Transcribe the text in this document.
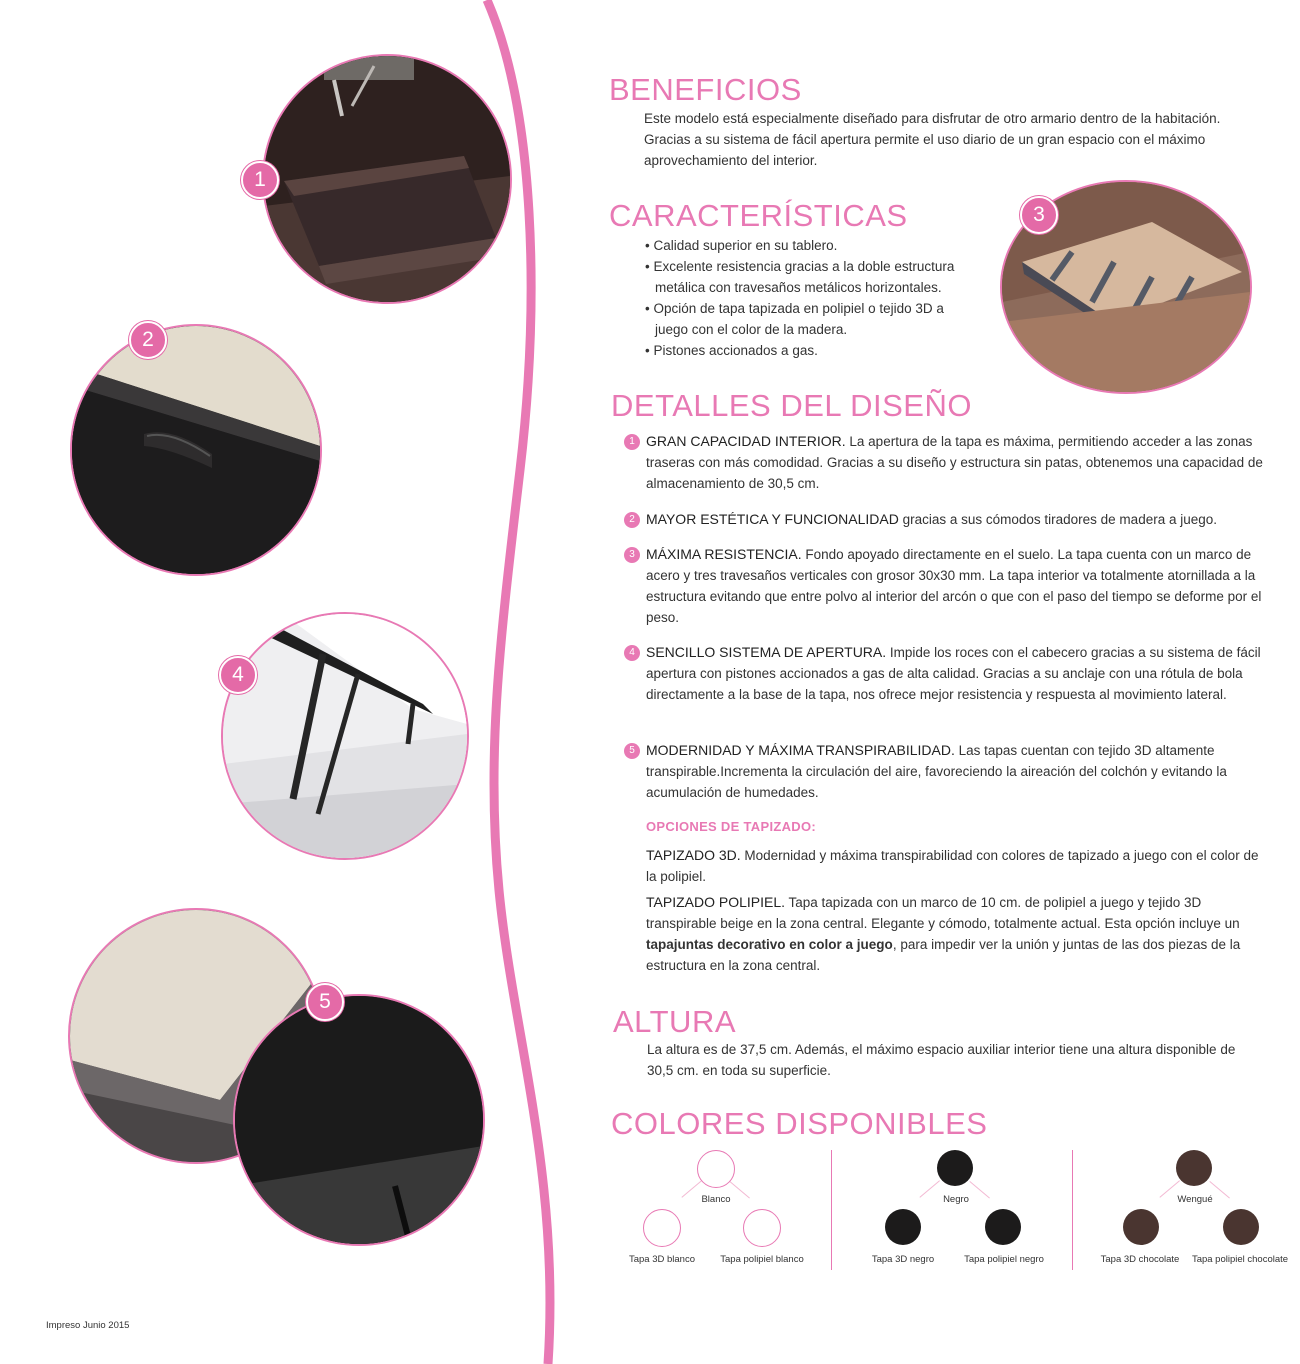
1
2
4
5
3
BENEFICIOS

Este modelo está especialmente diseñado para disfrutar de otro armario dentro de la habitación. Gracias a su sistema de fácil apertura permite el uso diario de un gran espacio con el máximo aprovechamiento del interior.

CARACTERÍSTICAS
• Calidad superior en su tablero.
• Excelente resistencia gracias a la doble estructura metálica con travesaños metálicos horizontales.
• Opción de tapa tapizada en polipiel o tejido 3D a juego con el color de la madera.
• Pistones accionados a gas.
DETALLES DEL DISEÑO
1 GRAN CAPACIDAD INTERIOR. La apertura de la tapa es máxima, permitiendo acceder a las zonas traseras con más comodidad. Gracias a su diseño y estructura sin patas, obtenemos una capacidad de almacenamiento de 30,5 cm.

2 MAYOR ESTÉTICA Y FUNCIONALIDAD gracias a sus cómodos tiradores de madera a juego.

3 MÁXIMA RESISTENCIA. Fondo apoyado directamente en el suelo. La tapa cuenta con un marco de acero y tres travesaños verticales con grosor 30x30 mm. La tapa interior va totalmente atornillada a la estructura evitando que entre polvo al interior del arcón o que con el paso del tiempo se deforme por el peso.

4 SENCILLO SISTEMA DE APERTURA. Impide los roces con el cabecero gracias a su sistema de fácil apertura con pistones accionados a gas de alta calidad. Gracias a su anclaje con una rótula de bola directamente a la base de la tapa, nos ofrece mejor resistencia y respuesta al movimiento lateral.

5 MODERNIDAD Y MÁXIMA TRANSPIRABILIDAD. Las tapas cuentan con tejido 3D altamente transpirable.Incrementa la circulación del aire, favoreciendo la aireación del colchón y evitando la acumulación de humedades.

OPCIONES DE TAPIZADO:

TAPIZADO 3D. Modernidad y máxima transpirabilidad con colores de tapizado a juego con el color de la polipiel.

TAPIZADO POLIPIEL. Tapa tapizada con un marco de 10 cm. de polipiel a juego y tejido 3D transpirable beige en la zona central. Elegante y cómodo, totalmente actual. Esta opción incluye un tapajuntas decorativo en color a juego, para impedir ver la unión y juntas de las dos piezas de la estructura en la zona central.

ALTURA

La altura es de 37,5 cm. Además, el máximo espacio auxiliar interior tiene una altura disponible de 30,5 cm. en toda su superficie.

COLORES DISPONIBLES
Blanco
Tapa 3D blanco	Tapa polipiel blanco
Negro
Tapa 3D negro	Tapa polipiel negro
Wengué
Tapa 3D chocolate Tapa polipiel chocolate
Impreso Junio 2015
